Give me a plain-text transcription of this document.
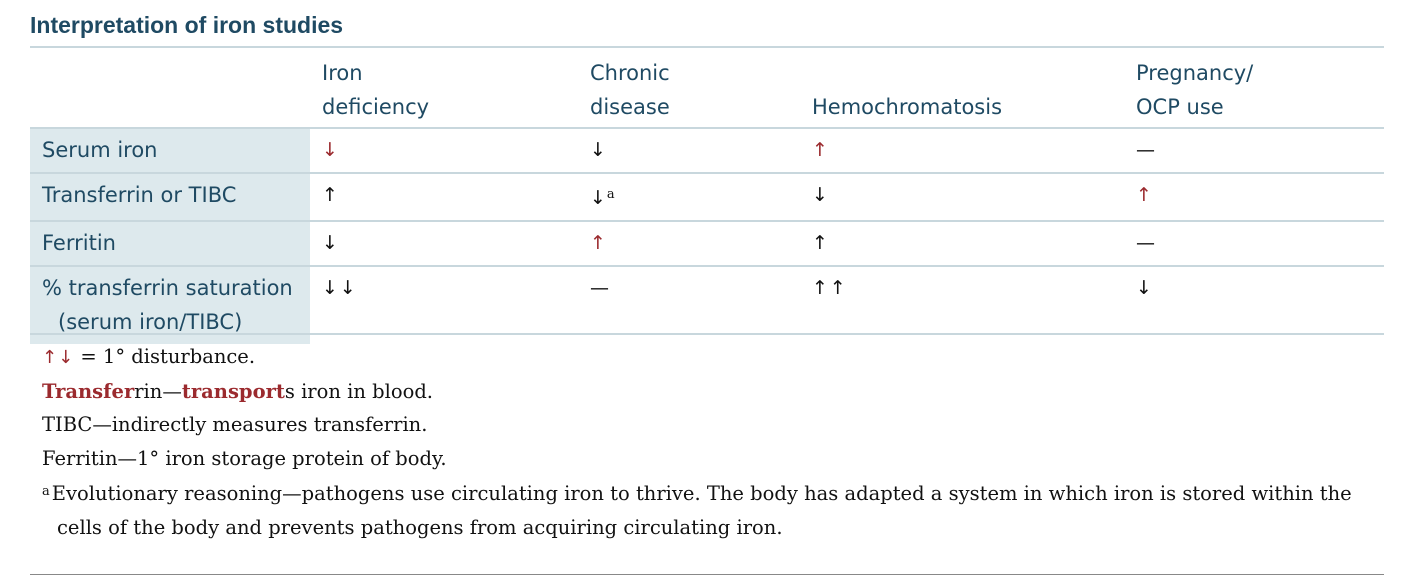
Interpretation of iron studies
	Iron
deficiency	Chronic
disease	Hemochromatosis	Pregnancy/
OCP use
Serum iron	↓	↓	↑	—
Transferrin or TIBC	↑	↓$^a$	↓	↑
Ferritin	↓	↑	↑	—
% transferrin saturation
(serum iron/TIBC)	↓↓	—	↑↑	↓

↑↓ = 1° disturbance.

Transferrin—transports iron in blood.

TIBC—indirectly measures transferrin.

Ferritin—1° iron storage protein of body.

$^a$ Evolutionary reasoning—pathogens use circulating iron to thrive. The body has adapted a system in which iron is stored within the cells of the body and prevents pathogens from acquiring circulating iron.
